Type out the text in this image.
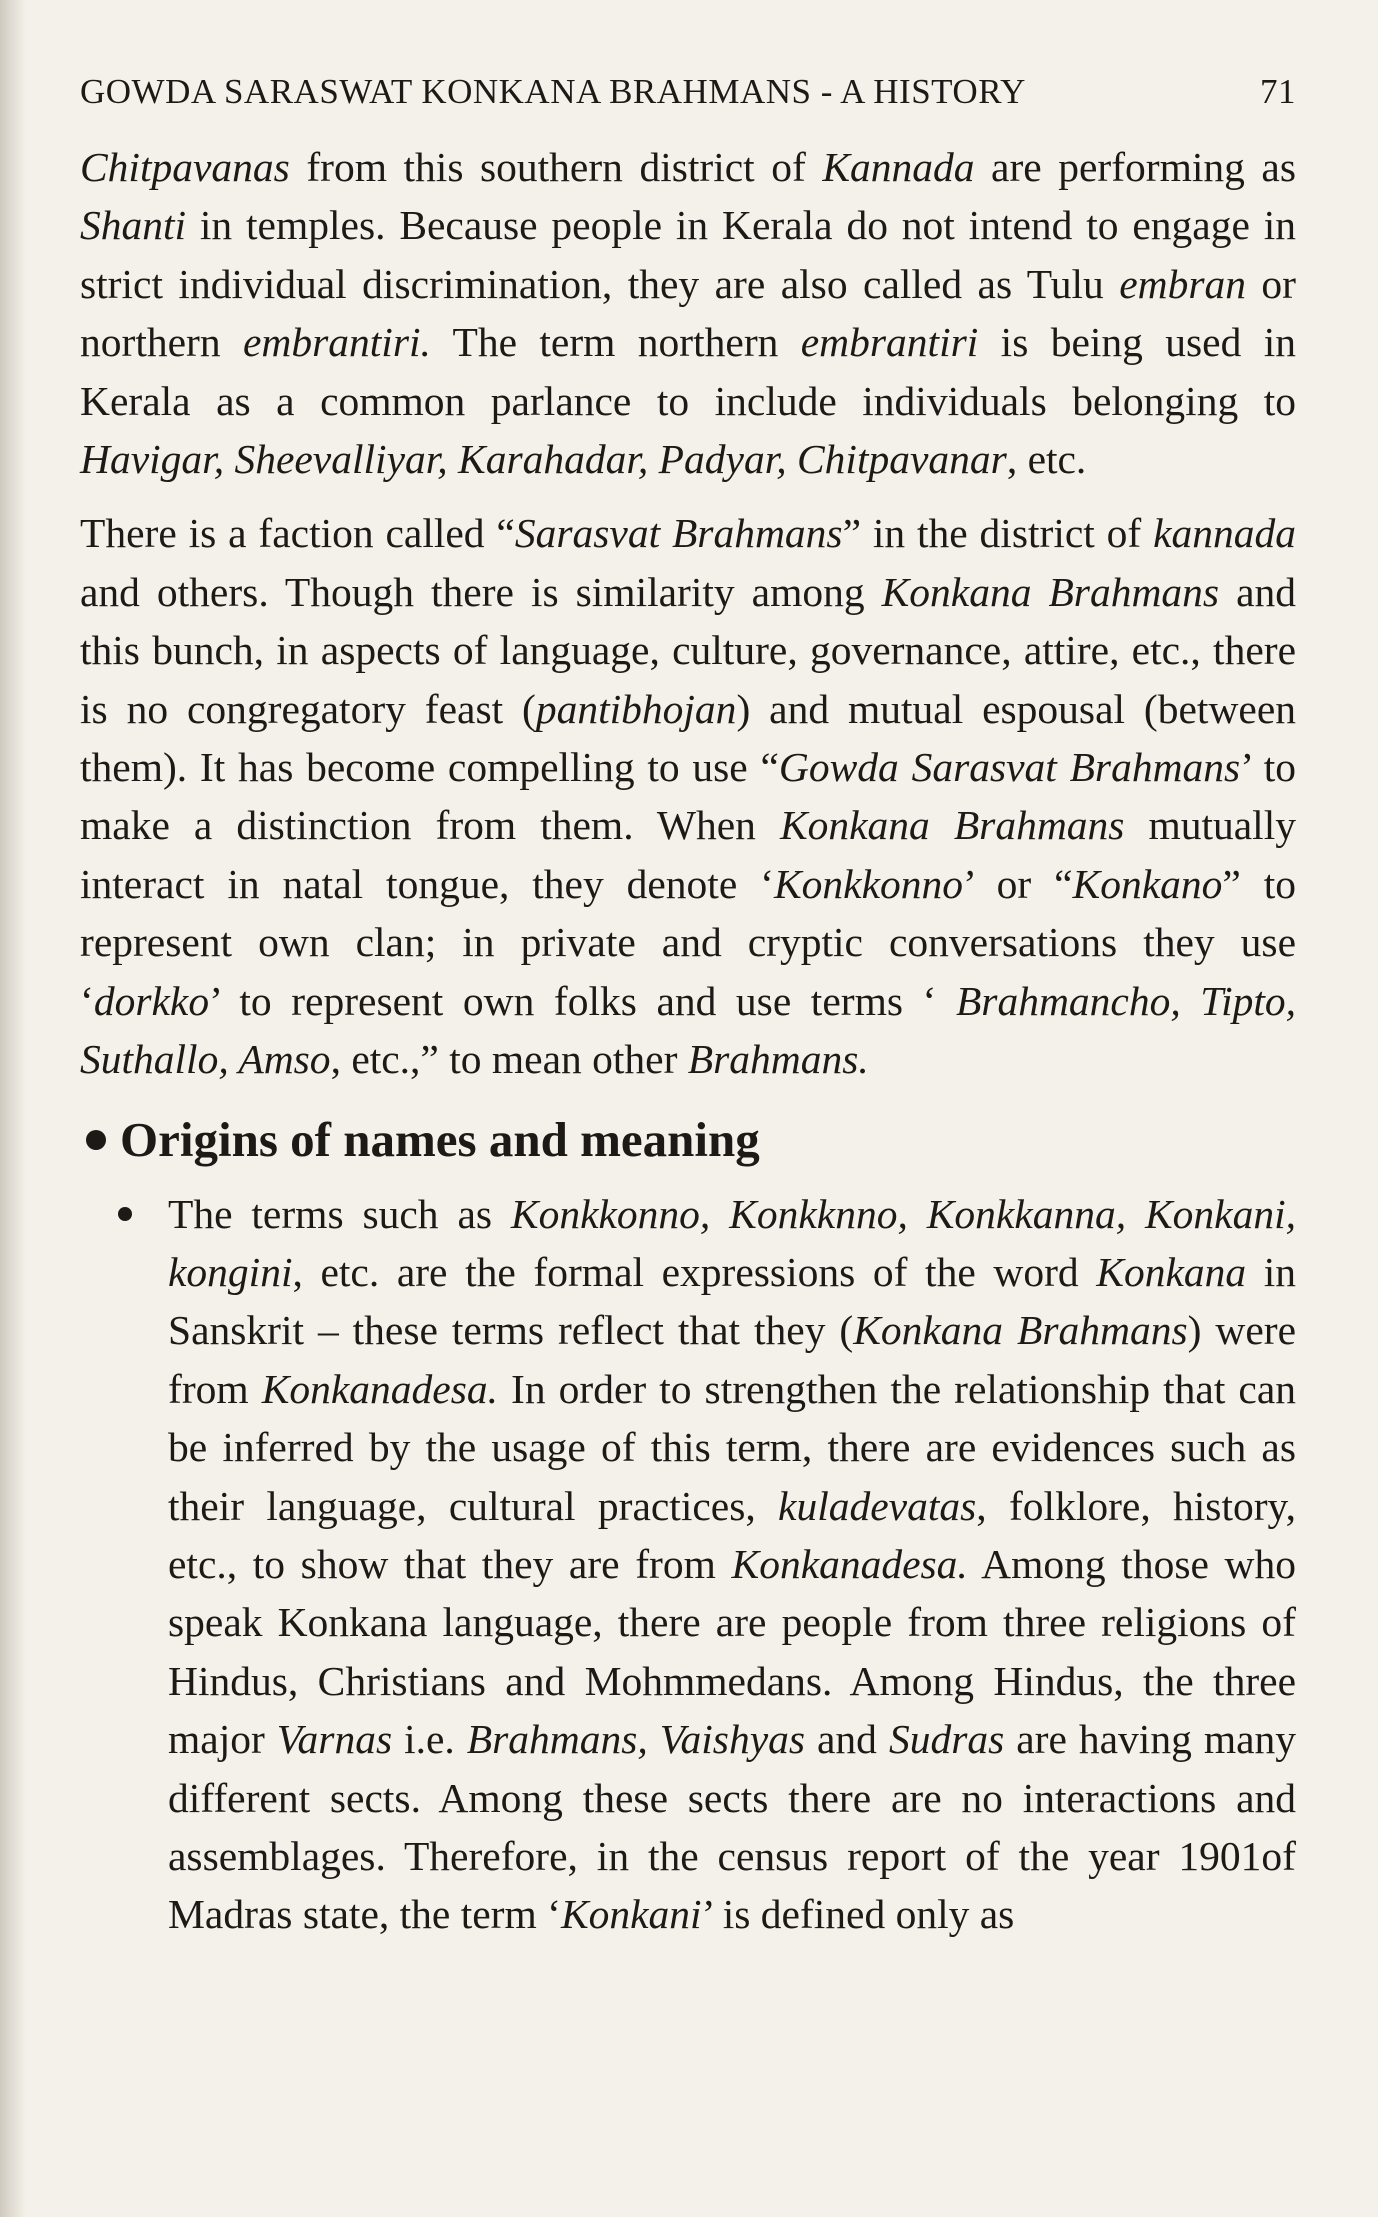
GOWDA SARASWAT KONKANA BRAHMANS - A HISTORY	71

Chitpavanas from this southern district of Kannada are performing as Shanti in temples. Because people in Kerala do not intend to engage in strict individual discrimination, they are also called as Tulu embran or northern embrantiri. The term northern embrantiri is being used in Kerala as a common parlance to include individuals belonging to Havigar, Sheevalliyar, Karahadar, Padyar, Chitpavanar, etc.

There is a faction called “Sarasvat Brahmans” in the district of kannada and others. Though there is similarity among Konkana Brahmans and this bunch, in aspects of language, culture, governance, attire, etc., there is no congregatory feast (pantibhojan) and mutual espousal (between them). It has become compelling to use “Gowda Sarasvat Brahmans’ to make a distinction from them. When Konkana Brahmans mutually interact in natal tongue, they denote ‘Konkkonno’ or “Konkano” to represent own clan; in private and cryptic conversations they use ‘dorkko’ to represent own folks and use terms ‘ Brahmancho, Tipto, Suthallo, Amso, etc.,” to mean other Brahmans.

Origins of names and meaning
The terms such as Konkkonno, Konkknno, Konkkanna, Konkani, kongini, etc. are the formal expressions of the word Konkana in Sanskrit – these terms reflect that they (Konkana Brahmans) were from Konkanadesa. In order to strengthen the relationship that can be inferred by the usage of this term, there are evidences such as their language, cultural practices, kuladevatas, folklore, history, etc., to show that they are from Konkanadesa. Among those who speak Konkana language, there are people from three religions of Hindus, Christians and Mohmmedans. Among Hindus, the three major Varnas i.e. Brahmans, Vaishyas and Sudras are having many different sects. Among these sects there are no interactions and assemblages. Therefore, in the census report of the year 1901of Madras state, the term ‘Konkani’ is defined only as
